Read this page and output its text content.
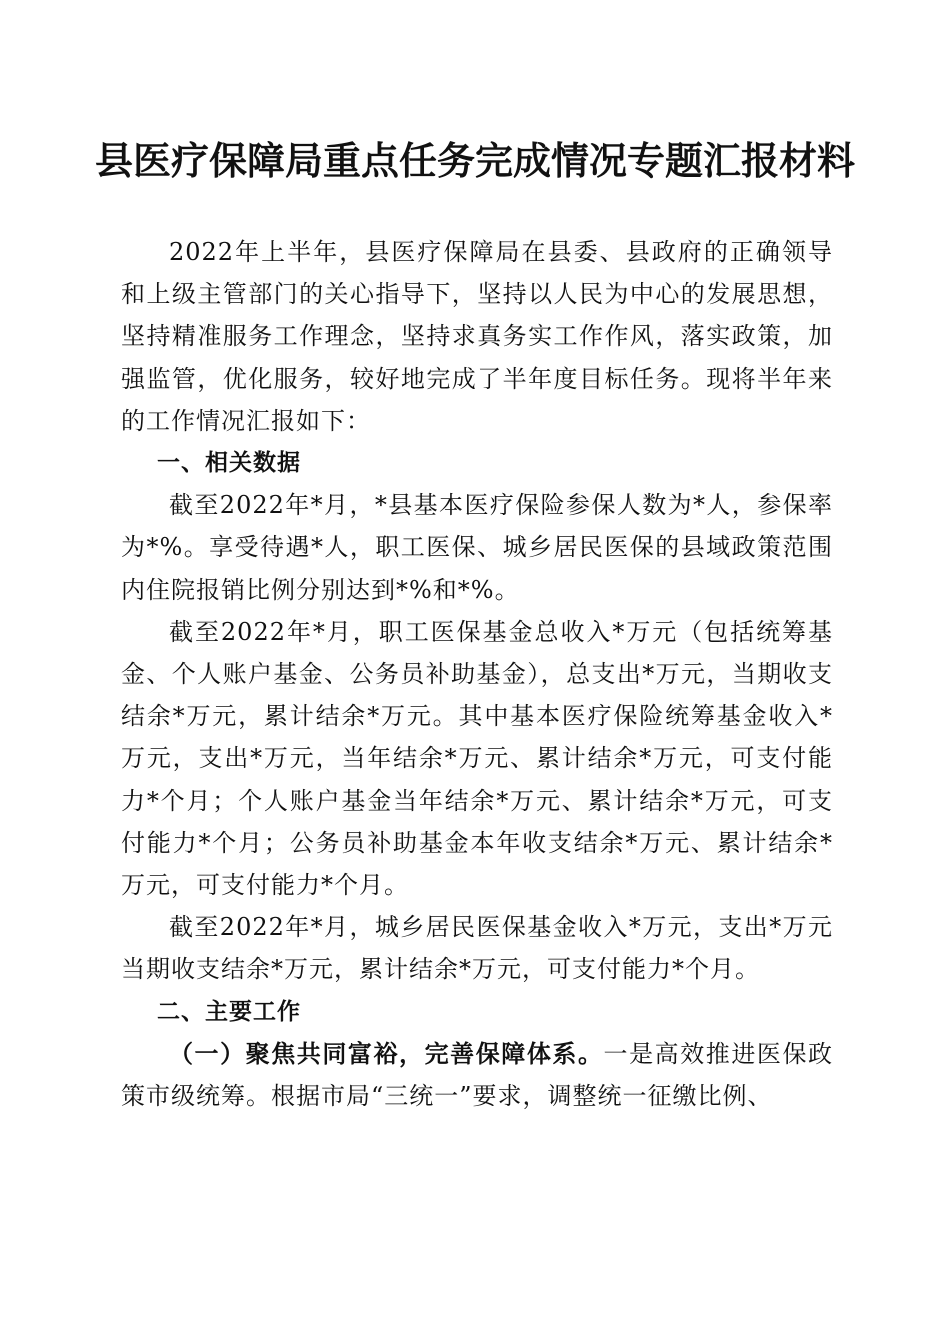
县医疗保障局重点任务完成情况专题汇报材料

2022年上半年，县医疗保障局在县委、县政府的正确领导和上级主管部门的关心指导下，坚持以人民为中心的发展思想，坚持精准服务工作理念，坚持求真务实工作作风，落实政策，加强监管，优化服务，较好地完成了半年度目标任务。现将半年来的工作情况汇报如下：

一、相关数据

截至2022年*月，*县基本医疗保险参保人数为*人，参保率为*%。享受待遇*人，职工医保、城乡居民医保的县域政策范围内住院报销比例分别达到*%和*%。

截至2022年*月，职工医保基金总收入*万元（包括统筹基金、个人账户基金、公务员补助基金），总支出*万元，当期收支结余*万元，累计结余*万元。其中基本医疗保险统筹基金收入*万元，支出*万元，当年结余*万元、累计结余*万元，可支付能力*个月；个人账户基金当年结余*万元、累计结余*万元，可支付能力*个月；公务员补助基金本年收支结余*万元、累计结余*万元，可支付能力*个月。

截至2022年*月，城乡居民医保基金收入*万元，支出*万元当期收支结余*万元，累计结余*万元，可支付能力*个月。

二、主要工作

（一）聚焦共同富裕，完善保障体系。一是高效推进医保政策市级统筹。根据市局“三统一”要求，调整统一征缴比例、
